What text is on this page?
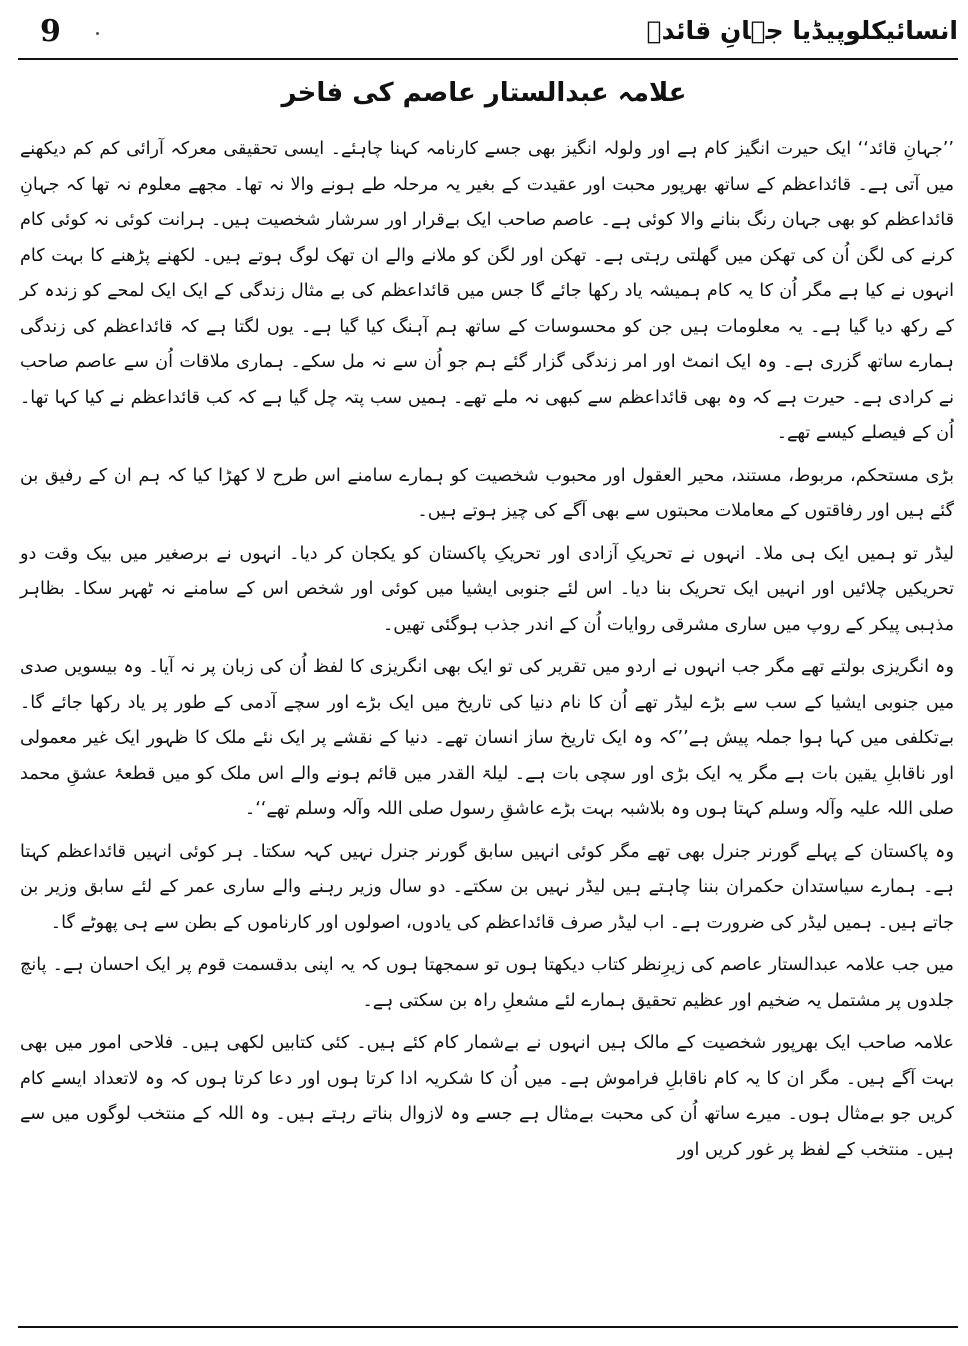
9	انسائیکلوپیڈیا جہانِ قائدؒ
علامہ عبدالستار عاصم کی فاخر

’’جہانِ قائد‘‘ ایک حیرت انگیز کام ہے اور ولولہ انگیز بھی جسے کارنامہ کہنا چاہئے۔ ایسی تحقیقی معرکہ آرائی کم کم دیکھنے میں آتی ہے۔ قائداعظم کے ساتھ بھرپور محبت اور عقیدت کے بغیر یہ مرحلہ طے ہونے والا نہ تھا۔ مجھے معلوم نہ تھا کہ جہانِ قائداعظم کو بھی جہان رنگ بنانے والا کوئی ہے۔ عاصم صاحب ایک بےقرار اور سرشار شخصیت ہیں۔ ہرانت کوئی نہ کوئی کام کرنے کی لگن اُن کی تھکن میں گھلتی رہتی ہے۔ تھکن اور لگن کو ملانے والے ان تھک لوگ ہوتے ہیں۔ لکھنے پڑھنے کا بہت کام انہوں نے کیا ہے مگر اُن کا یہ کام ہمیشہ یاد رکھا جائے گا جس میں قائداعظم کی بے مثال زندگی کے ایک ایک لمحے کو زندہ کر کے رکھ دیا گیا ہے۔ یہ معلومات ہیں جن کو محسوسات کے ساتھ ہم آہنگ کیا گیا ہے۔ یوں لگتا ہے کہ قائداعظم کی زندگی ہمارے ساتھ گزری ہے۔ وہ ایک انمٹ اور امر زندگی گزار گئے ہم جو اُن سے نہ مل سکے۔ ہماری ملاقات اُن سے عاصم صاحب نے کرادی ہے۔ حیرت ہے کہ وہ بھی قائداعظم سے کبھی نہ ملے تھے۔ ہمیں سب پتہ چل گیا ہے کہ کب قائداعظم نے کیا کہا تھا۔ اُن کے فیصلے کیسے تھے۔

بڑی مستحکم، مربوط، مستند، محیر العقول اور محبوب شخصیت کو ہمارے سامنے اس طرح لا کھڑا کیا کہ ہم ان کے رفیق بن گئے ہیں اور رفاقتوں کے معاملات محبتوں سے بھی آگے کی چیز ہوتے ہیں۔

لیڈر تو ہمیں ایک ہی ملا۔ انہوں نے تحریکِ آزادی اور تحریکِ پاکستان کو یکجان کر دیا۔ انہوں نے برصغیر میں بیک وقت دو تحریکیں چلائیں اور انہیں ایک تحریک بنا دیا۔ اس لئے جنوبی ایشیا میں کوئی اور شخص اس کے سامنے نہ ٹھہر سکا۔ بظاہر مذہبی پیکر کے روپ میں ساری مشرقی روایات اُن کے اندر جذب ہوگئی تھیں۔

وہ انگریزی بولتے تھے مگر جب انہوں نے اردو میں تقریر کی تو ایک بھی انگریزی کا لفظ اُن کی زبان پر نہ آیا۔ وہ بیسویں صدی میں جنوبی ایشیا کے سب سے بڑے لیڈر تھے اُن کا نام دنیا کی تاریخ میں ایک بڑے اور سچے آدمی کے طور پر یاد رکھا جائے گا۔ بےتکلفی میں کہا ہوا جملہ پیش ہے’’کہ وہ ایک تاریخ ساز انسان تھے۔ دنیا کے نقشے پر ایک نئے ملک کا ظہور ایک غیر معمولی اور ناقابلِ یقین بات ہے مگر یہ ایک بڑی اور سچی بات ہے۔ لیلۃ القدر میں قائم ہونے والے اس ملک کو میں قطعۂ عشقِ محمد صلی اللہ علیہ وآلہ وسلم کہتا ہوں وہ بلاشبہ بہت بڑے عاشقِ رسول صلی اللہ وآلہ وسلم تھے‘‘۔

وہ پاکستان کے پہلے گورنر جنرل بھی تھے مگر کوئی انہیں سابق گورنر جنرل نہیں کہہ سکتا۔ ہر کوئی انہیں قائداعظم کہتا ہے۔ ہمارے سیاستدان حکمران بننا چاہتے ہیں لیڈر نہیں بن سکتے۔ دو سال وزیر رہنے والے ساری عمر کے لئے سابق وزیر بن جاتے ہیں۔ ہمیں لیڈر کی ضرورت ہے۔ اب لیڈر صرف قائداعظم کی یادوں، اصولوں اور کارناموں کے بطن سے ہی پھوٹے گا۔

میں جب علامہ عبدالستار عاصم کی زیرِنظر کتاب دیکھتا ہوں تو سمجھتا ہوں کہ یہ اپنی بدقسمت قوم پر ایک احسان ہے۔ پانچ جلدوں پر مشتمل یہ ضخیم اور عظیم تحقیق ہمارے لئے مشعلِ راہ بن سکتی ہے۔

علامہ صاحب ایک بھرپور شخصیت کے مالک ہیں انہوں نے بےشمار کام کئے ہیں۔ کئی کتابیں لکھی ہیں۔ فلاحی امور میں بھی بہت آگے ہیں۔ مگر ان کا یہ کام ناقابلِ فراموش ہے۔ میں اُن کا شکریہ ادا کرتا ہوں اور دعا کرتا ہوں کہ وہ لاتعداد ایسے کام کریں جو بےمثال ہوں۔ میرے ساتھ اُن کی محبت بےمثال ہے جسے وہ لازوال بناتے رہتے ہیں۔ وہ اللہ کے منتخب لوگوں میں سے ہیں۔ منتخب کے لفظ پر غور کریں اور
